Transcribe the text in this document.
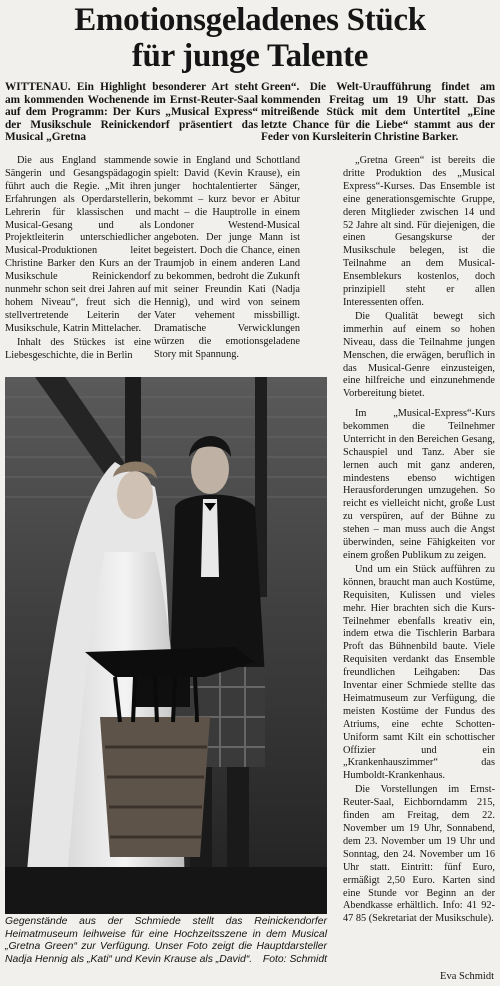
Emotionsgeladenes Stück
für junge Talente
WITTENAU. Ein Highlight besonderer Art steht am kommenden Wochenende im Ernst-Reuter-Saal auf dem Programm: Der Kurs „Musical Express“ der Musikschule Reinickendorf präsentiert das Musical „Gretna
Green“. Die Welt-Uraufführung findet am kommenden Freitag um 19 Uhr statt. Das mitreißende Stück mit dem Untertitel „Eine letzte Chance für die Liebe“ stammt aus der Feder von Kursleiterin Christine Barker.

Die aus England stammende Sängerin und Gesangspädagogin führt auch die Regie. „Mit ihren Erfahrungen als Operdarstellerin, Lehrerin für klassischen und Musical-Gesang und als Projektleiterin unterschiedlicher Musical-Produktionen leitet Christine Barker den Kurs an der Musikschule Reinickendorf nunmehr schon seit drei Jahren auf hohem Niveau“, freut sich die stellvertretende Leiterin der Musikschule, Katrin Mittelacher.

Inhalt des Stückes ist eine Liebesgeschichte, die in Berlin

sowie in England und Schottland spielt: David (Kevin Krause), ein junger hochtalentierter Sänger, bekommt – kurz bevor er Abitur macht – die Hauptrolle in einem Londoner Westend-Musical angeboten. Der junge Mann ist begeistert. Doch die Chance, einen Traumjob in einem anderen Land zu bekommen, bedroht die Zukunft mit seiner Freundin Kati (Nadja Hennig), und wird von seinem Vater vehement missbilligt. Dramatische Verwicklungen würzen die emotionsgeladene Story mit Spannung.

„Gretna Green“ ist bereits die dritte Produktion des „Musical Express“-Kurses. Das Ensemble ist eine generationsgemischte Gruppe, deren Mitglieder zwischen 14 und 52 Jahre alt sind. Für diejenigen, die einen Gesangskurse der Musikschule belegen, ist die Teilnahme an dem Musical-Ensemblekurs kostenlos, doch prinzipiell steht er allen Interessenten offen.

Die Qualität bewegt sich immerhin auf einem so hohen Niveau, dass die Teilnahme jungen Menschen, die erwägen, beruflich in das Musical-Genre einzusteigen, eine hilfreiche und einzunehmende Vorbereitung bietet.

Im „Musical-Express“-Kurs bekommen die Teilnehmer Unterricht in den Bereichen Gesang, Schauspiel und Tanz. Aber sie lernen auch mit ganz anderen, mindestens ebenso wichtigen Herausforderungen umzugehen. So reicht es vielleicht nicht, große Lust zu verspüren, auf der Bühne zu stehen – man muss auch die Angst überwinden, seine Fähigkeiten vor einem großen Publikum zu zeigen.

Und um ein Stück aufführen zu können, braucht man auch Kostüme, Requisiten, Kulissen und vieles mehr. Hier brachten sich die Kurs-Teilnehmer ebenfalls kreativ ein, indem etwa die Tischlerin Barbara Proft das Bühnenbild baute. Viele Requisiten verdankt das Ensemble freundlichen Leihgaben: Das Inventar einer Schmiede stellte das Heimatmuseum zur Verfügung, die meisten Kostüme der Fundus des Atriums, eine echte Schotten-Uniform samt Kilt ein schottischer Offizier und ein „Krankenhauszimmer“ das Humboldt-Krankenhaus.

Die Vorstellungen im Ernst-Reuter-Saal, Eichborndamm 215, finden am Freitag, dem 22. November um 19 Uhr, Sonnabend, dem 23. November um 19 Uhr und Sonntag, den 24. November um 16 Uhr statt. Eintritt: fünf Euro, ermäßigt 2,50 Euro. Karten sind eine Stunde vor Beginn an der Abendkasse erhältlich. Info: 41 92-47 85 (Sekretariat der Musikschule).

Gegenstände aus der Schmiede stellt das Reinickendorfer Heimatmuseum leihweise für eine Hochzeitsszene in dem Musical „Gretna Green“ zur Verfügung. Unser Foto zeigt die Hauptdarsteller Nadja Hennig als „Kati“ und Kevin Krause als „David“. Foto: Schmidt
Eva Schmidt
